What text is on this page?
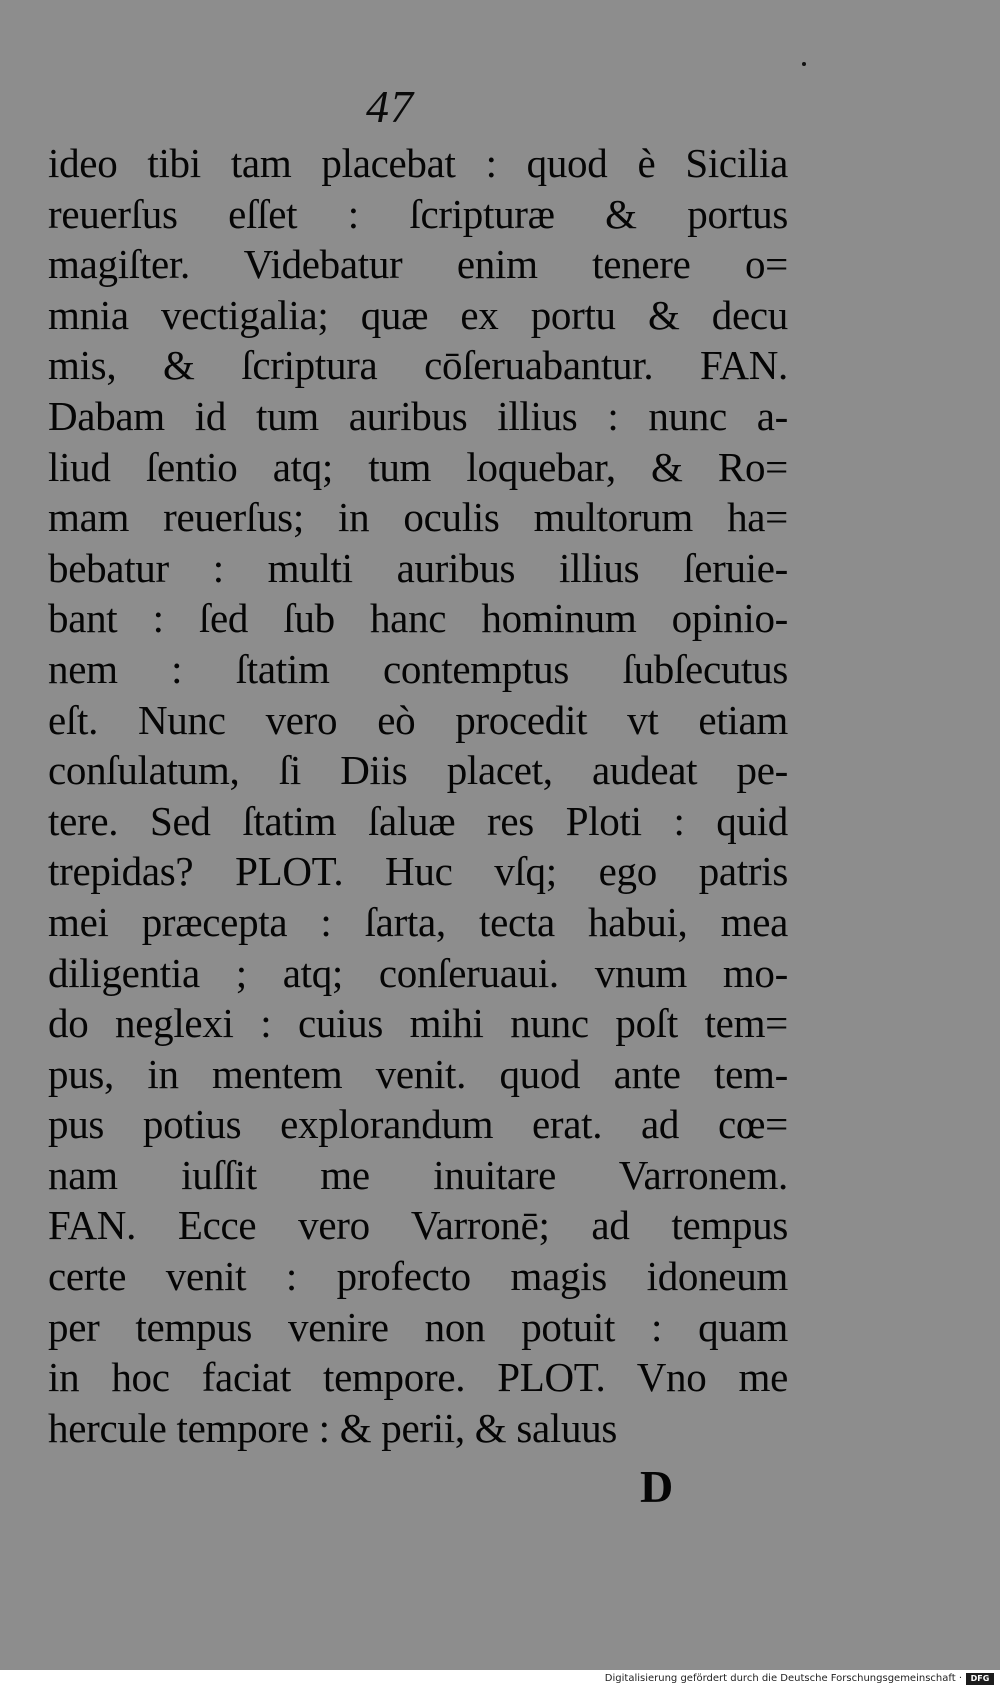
47
ideo tibi tam placebat : quod è Sicilia
reuerſus eſſet : ſcripturæ & portus
magiſter. Videbatur enim tenere o=
mnia vectigalia; quæ ex portu & decu
mis, & ſcriptura cōſeruabantur. FAN.
Dabam id tum auribus illius : nunc a-
liud ſentio atq; tum loquebar, & Ro=
mam reuerſus; in oculis multorum ha=
bebatur : multi auribus illius ſeruie-
bant : ſed ſub hanc hominum opinio-
nem : ſtatim contemptus ſubſecutus
eſt. Nunc vero eò procedit vt etiam
conſulatum, ſi Diis placet, audeat pe-
tere. Sed ſtatim ſaluæ res Ploti : quid
trepidas? PLOT. Huc vſq; ego patris
mei præcepta : ſarta, tecta habui, mea
diligentia ; atq; conſeruaui. vnum mo-
do neglexi : cuius mihi nunc poſt tem=
pus, in mentem venit. quod ante tem-
pus potius explorandum erat. ad cœ=
nam iuſſit me inuitare Varronem.
FAN. Ecce vero Varronē; ad tempus
certe venit : profecto magis idoneum
per tempus venire non potuit : quam
in hoc faciat tempore. PLOT. Vno me
hercule tempore : & perii, & saluus
D
Digitalisierung gefördert durch die Deutsche Forschungsgemeinschaft ·	DFG
